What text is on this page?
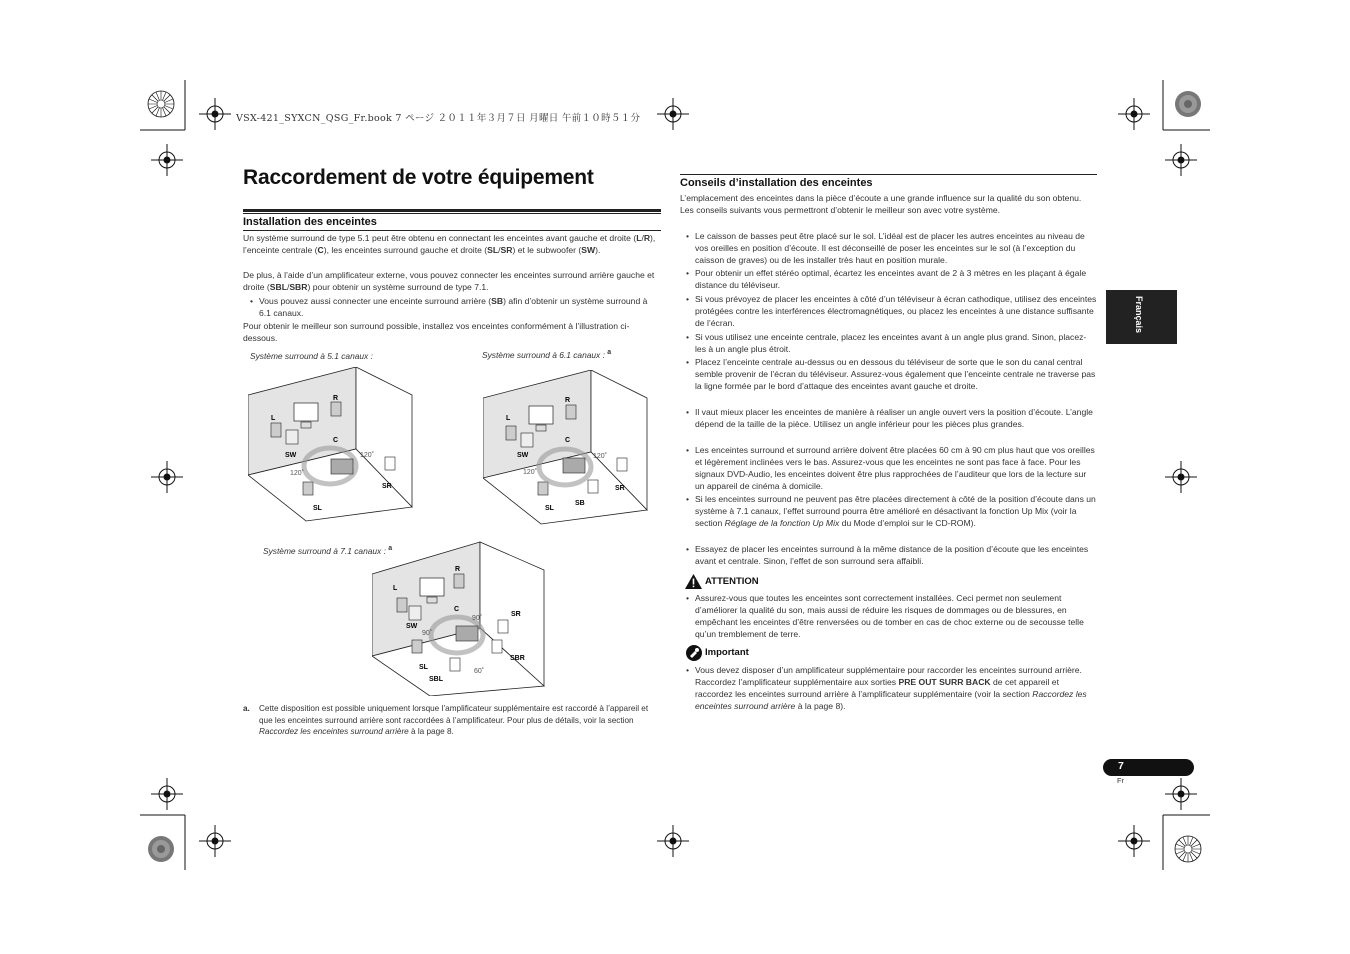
VSX-421_SYXCN_QSG_Fr.book 7 ページ ２０１１年３月７日 月曜日 午前１０時５１分
Raccordement de votre équipement
Installation des enceintes

Un système surround de type 5.1 peut être obtenu en connectant les enceintes avant gauche et droite (L/R), l’enceinte centrale (C), les enceintes surround gauche et droite (SL/SR) et le subwoofer (SW).

De plus, à l’aide d’un amplificateur externe, vous pouvez connecter les enceintes surround arrière gauche et droite (SBL/SBR) pour obtenir un système surround de type 7.1.

• Vous pouvez aussi connecter une enceinte surround arrière (SB) afin d’obtenir un système surround à 6.1 canaux.

Pour obtenir le meilleur son surround possible, installez vos enceintes conformément à l’illustration ci-dessous.

Système surround à 5.1 canaux :	Système surround à 6.1 canaux : $^a$
Système surround à 7.1 canaux : $^a$
L
R
C
SW
SR
SL
120˚
120˚
L
R
C
SW
SR
SL
SB
120˚
120˚
L
R
C
SW
SR
SL
SBL
SBR
90˚
90˚
60˚
a. Cette disposition est possible uniquement lorsque l’amplificateur supplémentaire est raccordé à l’appareil et que les enceintes surround arrière sont raccordées à l’amplificateur. Pour plus de détails, voir la section Raccordez les enceintes surround arrière à la page 8.

Conseils d’installation des enceintes

L’emplacement des enceintes dans la pièce d’écoute a une grande influence sur la qualité du son obtenu. Les conseils suivants vous permettront d’obtenir le meilleur son avec votre système.

• Le caisson de basses peut être placé sur le sol. L’idéal est de placer les autres enceintes au niveau de vos oreilles en position d’écoute. Il est déconseillé de poser les enceintes sur le sol (à l’exception du caisson de graves) ou de les installer très haut en position murale.

• Pour obtenir un effet stéréo optimal, écartez les enceintes avant de 2 à 3 mètres en les plaçant à égale distance du téléviseur.

• Si vous prévoyez de placer les enceintes à côté d’un téléviseur à écran cathodique, utilisez des enceintes protégées contre les interférences électromagnétiques, ou placez les enceintes à une distance suffisante de l’écran.

• Si vous utilisez une enceinte centrale, placez les enceintes avant à un angle plus grand. Sinon, placez-les à un angle plus étroit.

• Placez l’enceinte centrale au-dessus ou en dessous du téléviseur de sorte que le son du canal central semble provenir de l’écran du téléviseur. Assurez-vous également que l’enceinte centrale ne traverse pas la ligne formée par le bord d’attaque des enceintes avant gauche et droite.

• Il vaut mieux placer les enceintes de manière à réaliser un angle ouvert vers la position d’écoute. L’angle dépend de la taille de la pièce. Utilisez un angle inférieur pour les pièces plus grandes.

• Les enceintes surround et surround arrière doivent être placées 60 cm à 90 cm plus haut que vos oreilles et légèrement inclinées vers le bas. Assurez-vous que les enceintes ne sont pas face à face. Pour les signaux DVD-Audio, les enceintes doivent être plus rapprochées de l’auditeur que lors de la lecture sur un appareil de cinéma à domicile.

• Si les enceintes surround ne peuvent pas être placées directement à côté de la position d’écoute dans un système à 7.1 canaux, l’effet surround pourra être amélioré en désactivant la fonction Up Mix (voir la section Réglage de la fonction Up Mix du Mode d’emploi sur le CD-ROM).

• Essayez de placer les enceintes surround à la même distance de la position d’écoute que les enceintes avant et centrale. Sinon, l’effet de son surround sera affaibli.

ATTENTION

• Assurez-vous que toutes les enceintes sont correctement installées. Ceci permet non seulement d’améliorer la qualité du son, mais aussi de réduire les risques de dommages ou de blessures, en empêchant les enceintes d’être renversées ou de tomber en cas de choc externe ou de secousse telle qu’un tremblement de terre.

Important

• Vous devez disposer d’un amplificateur supplémentaire pour raccorder les enceintes surround arrière. Raccordez l’amplificateur supplémentaire aux sorties PRE OUT SURR BACK de cet appareil et raccordez les enceintes surround arrière à l’amplificateur supplémentaire (voir la section Raccordez les enceintes surround arrière à la page 8).

Français
7
Fr
